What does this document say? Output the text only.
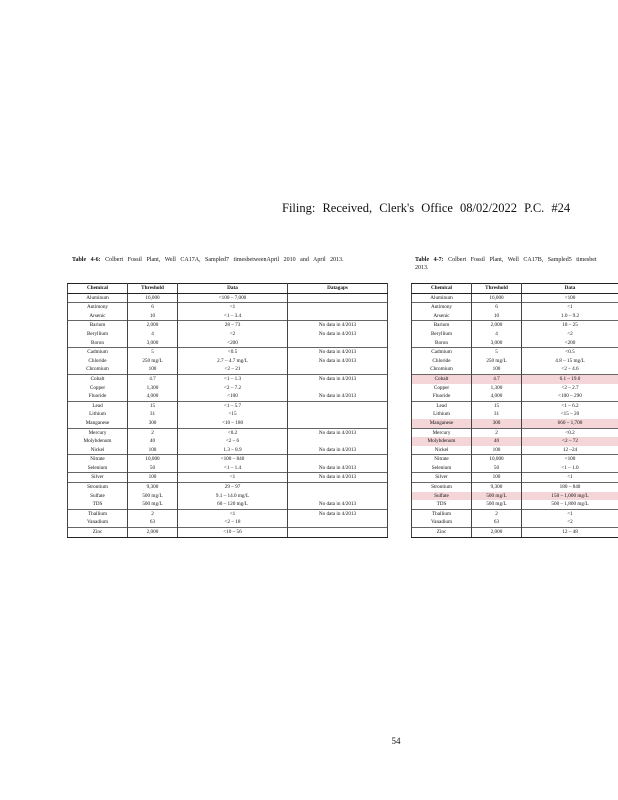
Filing: Received, Clerk's Office 08/02/2022 P.C. #24
Table 4-6: Colbert Fossil Plant, Well CA17A, Sampled7 timesbetweenApril 2010 and April 2013.
Chemical	Threshold	Data	Datagaps
Aluminum	16,000	<100 – 7,000	
Antimony	6	<1	
Arsenic	10	<1 – 3.4	
Barium	2,000	28 – 73	No data in 4/2013
Beryllium	4	<2	No data in 4/2013
Boron	3,000	<200	
Cadmium	5	<0.5	No data in 4/2013
Chloride	250 mg/L	2.7 – 4.7 mg/L	No data in 4/2013
Chromium	100	<2 – 21	
Cobalt	4.7	<1 – 1.3	No data in 4/2013
Copper	1,300	<2 – 7.2	
Fluoride	4,000	<100	No data in 4/2013
Lead	15	<1 – 5.7	
Lithium	31	<15	
Manganese	300	<10 – 180	
Mercury	2	<0.2	No data in 4/2013
Molybdenum	40	<2 – 6	
Nickel	100	1.3 – 8.9	No data in 4/2013
Nitrate	10,000	<100 – 840	
Selenium	50	<1 – 1.4	No data in 4/2013
Silver	100	<1	No data in 4/2013
Strontium	9,300	29 – 97	
Sulfate	500 mg/L	9.1 – 14.0 mg/L	
TDS	500 mg/L	60 – 120 mg/L	No data in 4/2013
Thallium	2	<1	No data in 4/2013
Vanadium	63	<2 – 18	
Zinc	2,000	<10 – 56	
Table 4-7: Colbert Fossil Plant, Well CA17B, Sampled5 timesbet
2013.
Chemical	Threshold	Data
Aluminum	16,000	<100
Antimony	6	<1
Arsenic	10	1.0 – 9.2
Barium	2,000	18 – 25
Beryllium	4	<2
Boron	3,000	<200
Cadmium	5	<0.5
Chloride	250 mg/L	4.8 – 15 mg/L
Chromium	100	<2 – 4.6
Cobalt	4.7	6.1 – 19.0
Copper	1,300	<2 – 2.7
Fluoride	4,000	<100 – 290
Lead	15	<1 – 6.2
Lithium	31	<15 – 20
Manganese	300	660 – 1,700
Mercury	2	<0.2
Molybdenum	40	<2 – 72
Nickel	100	12 –24
Nitrate	10,000	<100
Selenium	50	<1 – 1.0
Silver	100	<1
Strontium	9,300	180 – 840
Sulfate	500 mg/L	150 – 1,000 mg/L
TDS	500 mg/L	500 – 1,800 mg/L
Thallium	2	<1
Vanadium	63	<2
Zinc	2,000	12 – 48
54
